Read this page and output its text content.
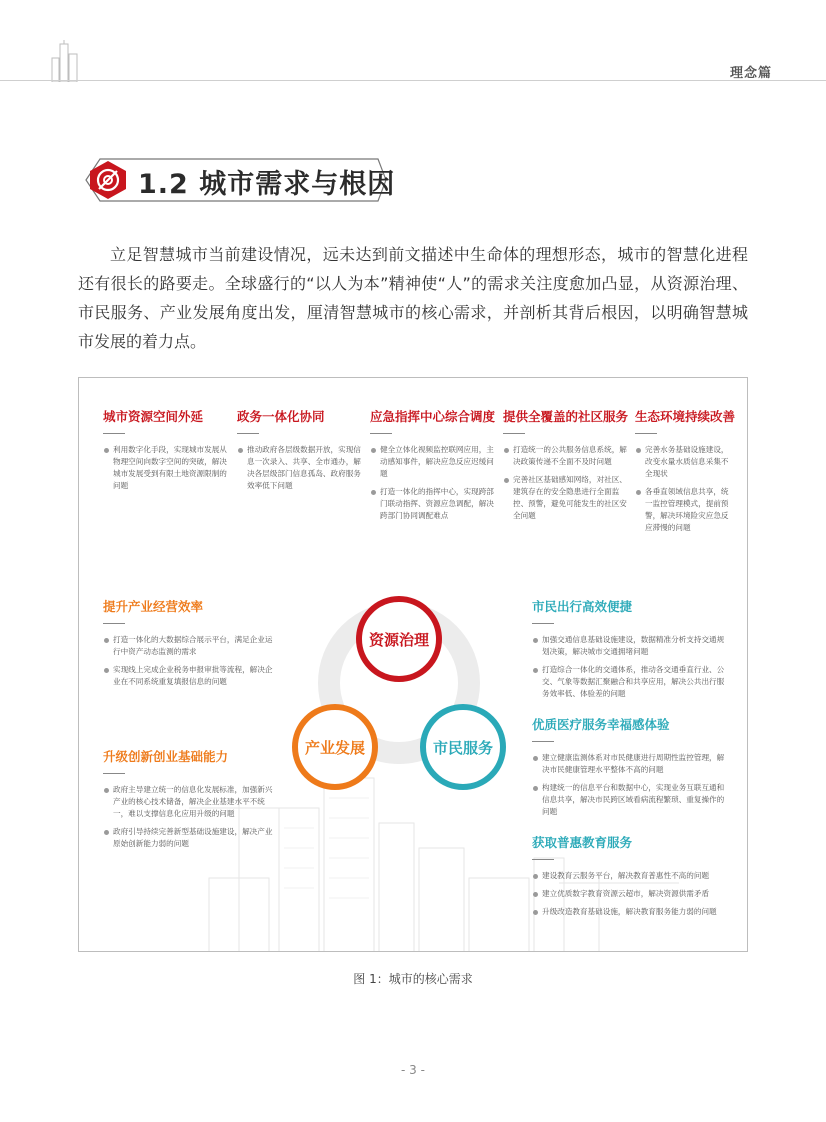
理念篇
1.2 城市需求与根因

立足智慧城市当前建设情况，远未达到前文描述中生命体的理想形态，城市的智慧化进程还有很长的路要走。全球盛行的“以人为本”精神使“人”的需求关注度愈加凸显，从资源治理、市民服务、产业发展角度出发，厘清智慧城市的核心需求，并剖析其背后根因，以明确智慧城市发展的着力点。

城市资源空间外延
利用数字化手段，实现城市发展从物理空间向数字空间的突破，解决城市发展受到有限土地资源限制的问题
政务一体化协同
推动政府各层级数据开放，实现信息一次录入、共享、全市通办，解决各层级部门信息孤岛、政府服务效率低下问题
应急指挥中心综合调度
健全立体化视频监控联网应用，主动感知事件，解决应急反应迟缓问题
打造一体化的指挥中心，实现跨部门联动指挥、资源应急调配，解决跨部门协同调配难点
提供全覆盖的社区服务
打造统一的公共服务信息系统，解决政策传递不全面不及时问题
完善社区基础感知网络，对社区、建筑存在的安全隐患进行全面监控、预警，避免可能发生的社区安全问题
生态环境持续改善
完善水务基础设施建设，改变水量水质信息采集不全现状
各垂直领域信息共享，统一监控管理模式，提前预警，解决环境险灾应急反应滞慢的问题
提升产业经营效率
打造一体化的大数据综合展示平台，满足企业运行中资产动态监测的需求
实现线上完成企业税务申报审批等流程，解决企业在不同系统重复填报信息的问题
升级创新创业基础能力
政府主导建立统一的信息化发展标准，加强新兴产业的核心技术储备，解决企业基建水平不统一，难以支撑信息化应用升级的问题
政府引导持续完善新型基础设施建设，解决产业原始创新能力弱的问题
市民出行高效便捷
加强交通信息基础设施建设，数据精准分析支持交通规划决策，解决城市交通拥堵问题
打造综合一体化的交通体系，推动各交通垂直行业、公交、气象等数据汇聚融合和共享应用，解决公共出行服务效率低、体验差的问题
优质医疗服务幸福感体验
建立健康监测体系对市民健康进行周期性监控管理，解决市民健康管理水平整体不高的问题
构建统一的信息平台和数据中心，实现业务互联互通和信息共享，解决市民跨区域看病流程繁琐、重复操作的问题
获取普惠教育服务
建设教育云服务平台，解决教育普惠性不高的问题
建立优质数字教育资源云超市，解决资源供需矛盾
升级改造教育基础设施，解决教育服务能力弱的问题
资源治理
产业发展	市民服务
图 1：城市的核心需求
- 3 -
